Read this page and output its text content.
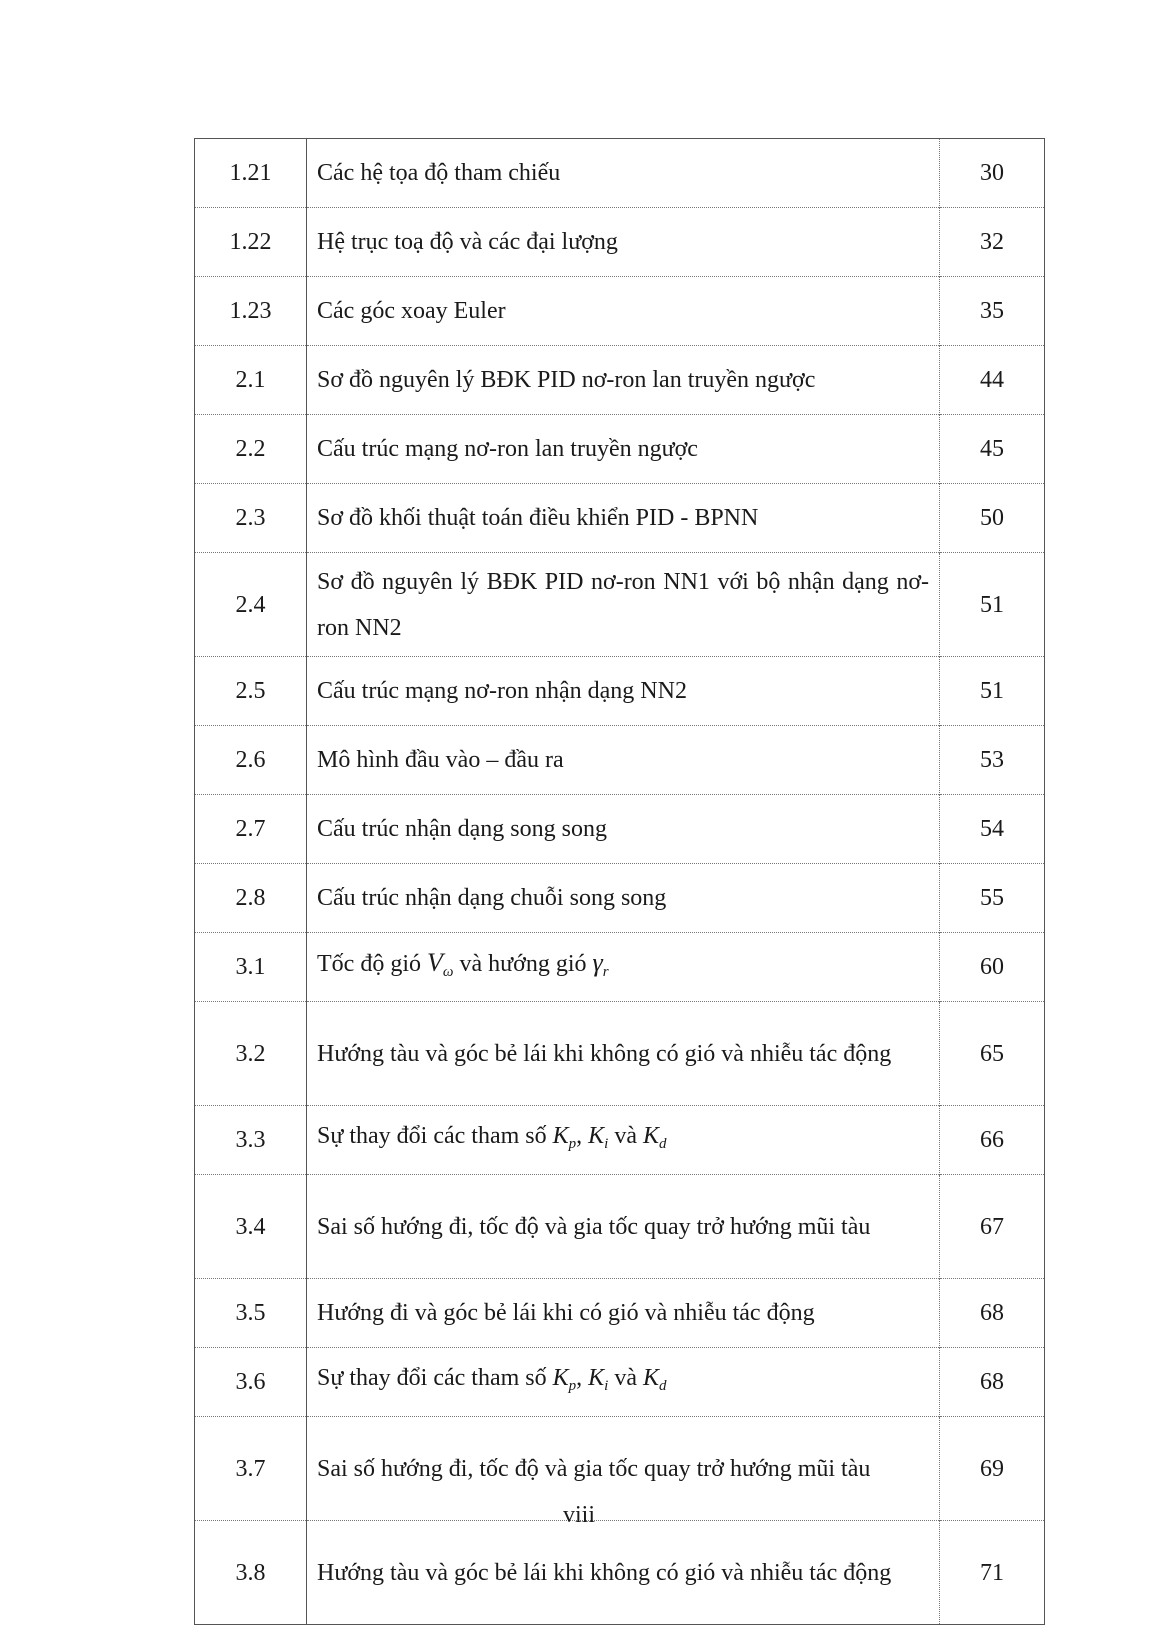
1.21	Các hệ tọa độ tham chiếu	30
1.22	Hệ trục toạ độ và các đại lượng	32
1.23	Các góc xoay Euler	35
2.1	Sơ đồ nguyên lý BĐK PID nơ-ron lan truyền ngược	44
2.2	Cấu trúc mạng nơ-ron lan truyền ngược	45
2.3	Sơ đồ khối thuật toán điều khiển PID - BPNN	50
2.4	Sơ đồ nguyên lý BĐK PID nơ-ron NN1 với bộ nhận dạng nơ-ron NN2	51
2.5	Cấu trúc mạng nơ-ron nhận dạng NN2	51
2.6	Mô hình đầu vào – đầu ra	53
2.7	Cấu trúc nhận dạng song song	54
2.8	Cấu trúc nhận dạng chuỗi song song	55
3.1	Tốc độ gió $V_\omega$ và hướng gió $\gamma_r$	60
3.2	Hướng tàu và góc bẻ lái khi không có gió và nhiễu tác động	65
3.3	Sự thay đổi các tham số $K_p$, $K_i$ và $K_d$	66
3.4	Sai số hướng đi, tốc độ và gia tốc quay trở hướng mũi tàu	67
3.5	Hướng đi và góc bẻ lái khi có gió và nhiễu tác động	68
3.6	Sự thay đổi các tham số $K_p$, $K_i$ và $K_d$	68
3.7	Sai số hướng đi, tốc độ và gia tốc quay trở hướng mũi tàu	69
3.8	Hướng tàu và góc bẻ lái khi không có gió và nhiễu tác động	71
viii
